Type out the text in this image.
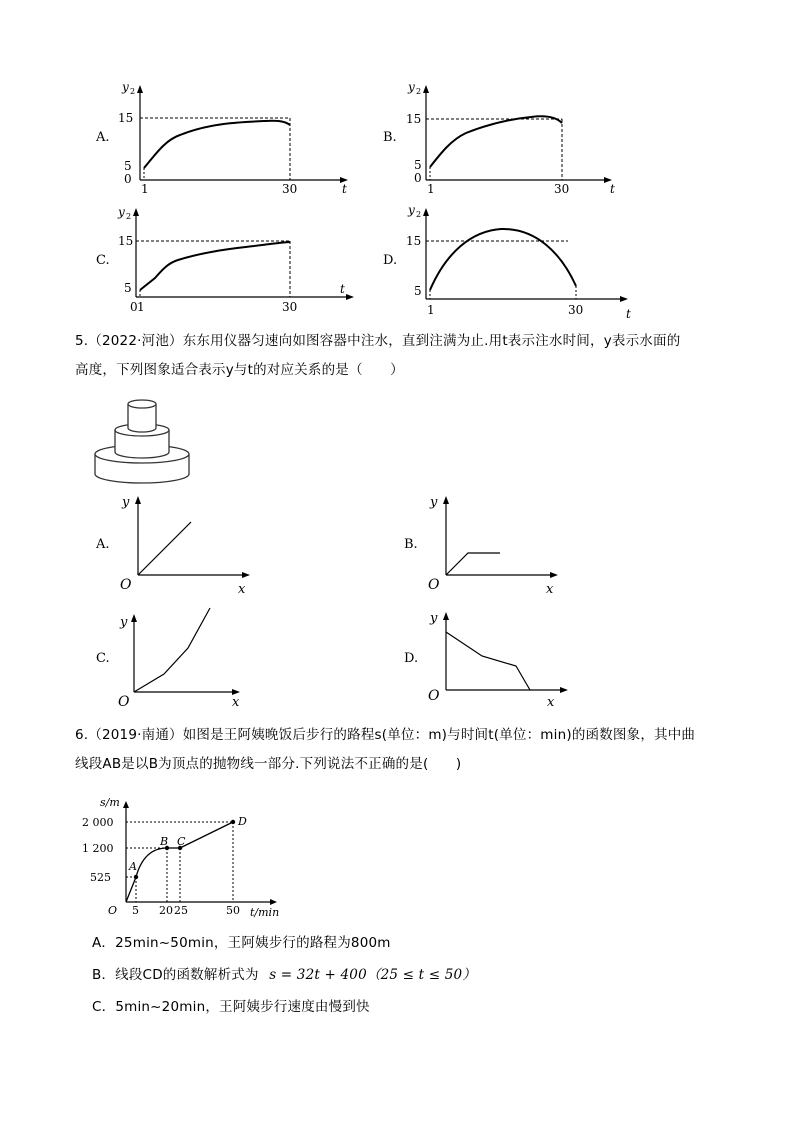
A.
y 2
15
5
0
1	30	t
B.
y 2
15
5
0
1	30	t
C.
y 2
15
5
0 1	30
t
D.
y 2
15
5
1	30	t
5.（2022·河池）东东用仪器匀速向如图容器中注水，直到注满为止.用t表示注水时间，y表示水面的
高度，下列图象适合表示y与t的对应关系的是（　　）
A.
y
O	x
B.
y
O	x
C.
y
O	x
D.
y
O	x
6.（2019·南通）如图是王阿姨晚饭后步行的路程s(单位：m)与时间t(单位：min)的函数图象，其中曲
线段AB是以B为顶点的抛物线一部分.下列说法不正确的是(　　)
s/m
2 000
1 200
525
O 5 20 25	50 t/min
A
B C
D
A．25min~50min，王阿姨步行的路程为800m
B．线段CD的函数解析式为 s = 32t + 400（25 ≤ t ≤ 50）
C．5min~20min，王阿姨步行速度由慢到快
